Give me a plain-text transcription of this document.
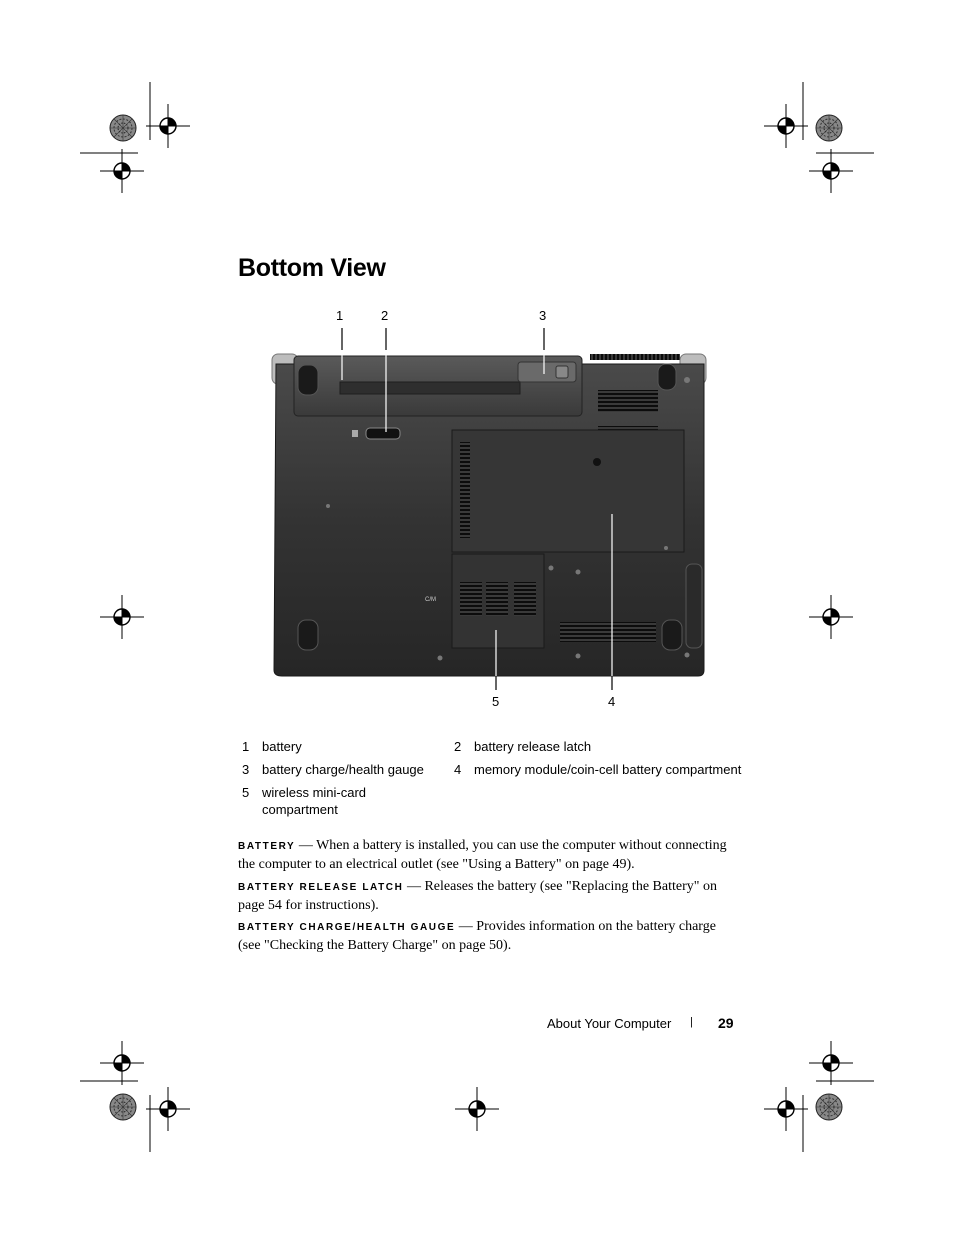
Bottom View
1	2	3
5	4
C/M
1 battery	2 battery release latch
3 battery charge/health gauge 4 memory module/coin-cell battery compartment
5 wireless mini-card compartment
BATTERY — When a battery is installed, you can use the computer without connecting the computer to an electrical outlet (see "Using a Battery" on page 49).
BATTERY RELEASE LATCH — Releases the battery (see "Replacing the Battery" on page 54 for instructions).
BATTERY CHARGE/HEALTH GAUGE — Provides information on the battery charge (see "Checking the Battery Charge" on page 50).
About Your Computer | 29
